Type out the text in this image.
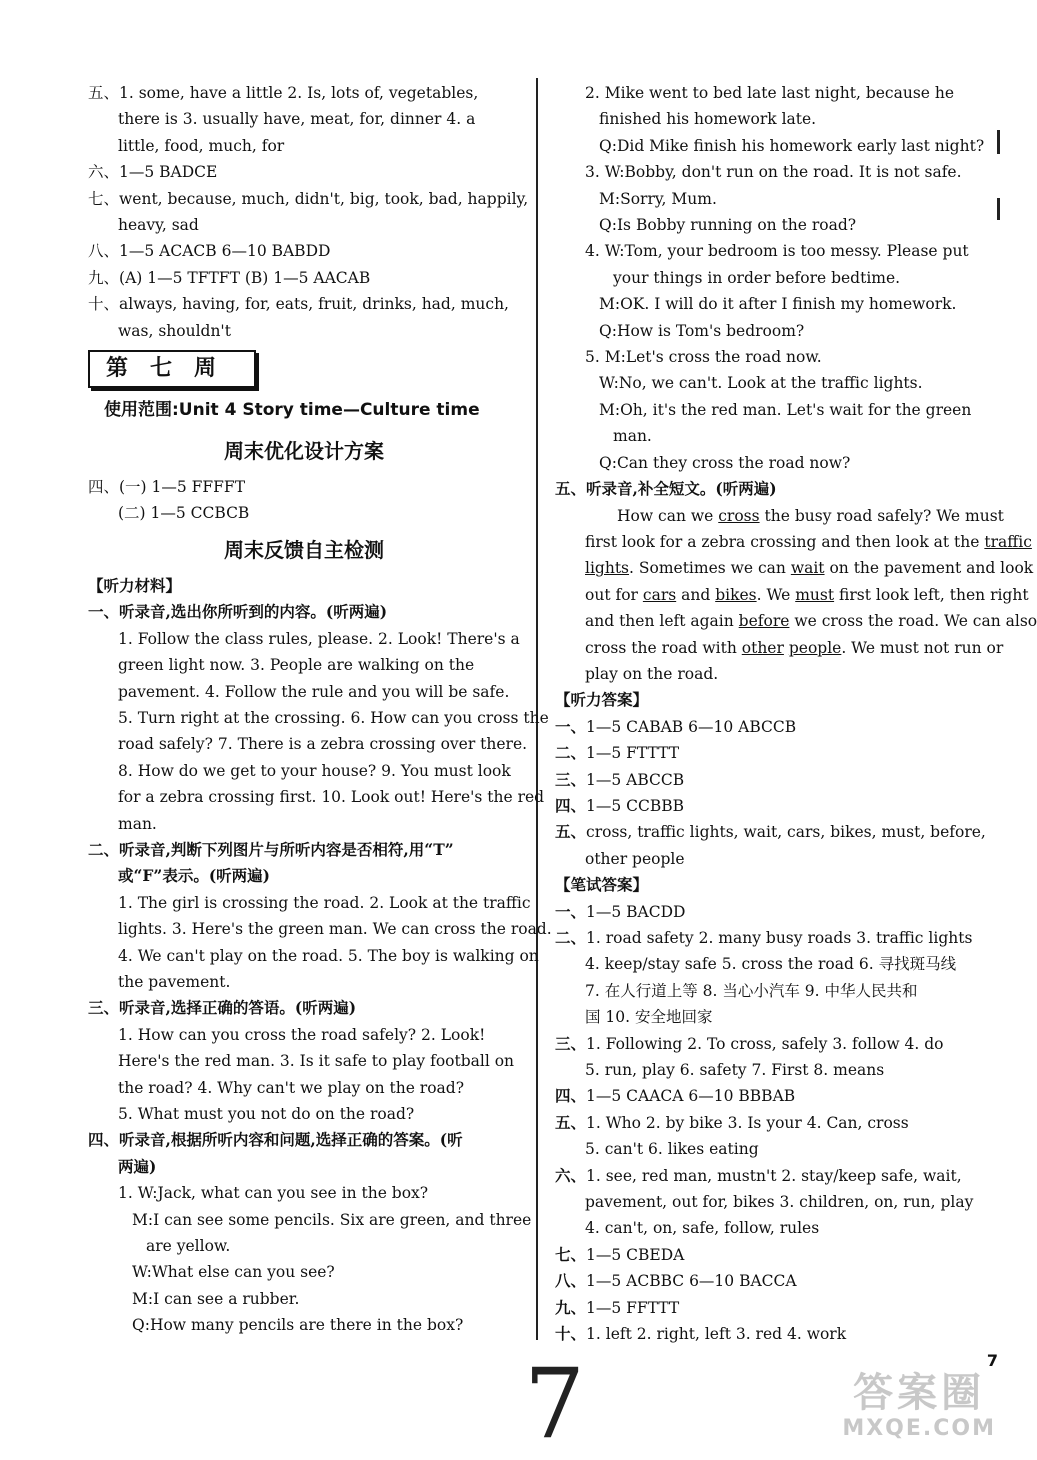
五、1. some, have a little 2. Is, lots of, vegetables,
there is 3. usually have, meat, for, dinner 4. a
little, food, much, for
六、1—5 BADCE
七、went, because, much, didn't, big, took, bad, happily,
heavy, sad
八、1—5 ACACB 6—10 BABDD
九、(A) 1—5 TFTFT (B) 1—5 AACAB
十、always, having, for, eats, fruit, drinks, had, much,
was, shouldn't
第七周
使用范围:Unit 4 Story time—Culture time
周末优化设计方案
四、(一) 1—5 FFFFT
(二) 1—5 CCBCB
周末反馈自主检测
【听力材料】
一、听录音,选出你所听到的内容。(听两遍)
1. Follow the class rules, please. 2. Look! There's a
green light now. 3. People are walking on the
pavement. 4. Follow the rule and you will be safe.
5. Turn right at the crossing. 6. How can you cross the
road safely? 7. There is a zebra crossing over there.
8. How do we get to your house? 9. You must look
for a zebra crossing first. 10. Look out! Here's the red
man.
二、听录音,判断下列图片与所听内容是否相符,用“T”
或“F”表示。(听两遍)
1. The girl is crossing the road. 2. Look at the traffic
lights. 3. Here's the green man. We can cross the road.
4. We can't play on the road. 5. The boy is walking on
the pavement.
三、听录音,选择正确的答语。(听两遍)
1. How can you cross the road safely? 2. Look!
Here's the red man. 3. Is it safe to play football on
the road? 4. Why can't we play on the road?
5. What must you not do on the road?
四、听录音,根据所听内容和问题,选择正确的答案。(听
两遍)
1. W:Jack, what can you see in the box?
M:I can see some pencils. Six are green, and three
are yellow.
W:What else can you see?
M:I can see a rubber.
Q:How many pencils are there in the box?
2. Mike went to bed late last night, because he
finished his homework late.
Q:Did Mike finish his homework early last night?
3. W:Bobby, don't run on the road. It is not safe.
M:Sorry, Mum.
Q:Is Bobby running on the road?
4. W:Tom, your bedroom is too messy. Please put
your things in order before bedtime.
M:OK. I will do it after I finish my homework.
Q:How is Tom's bedroom?
5. M:Let's cross the road now.
W:No, we can't. Look at the traffic lights.
M:Oh, it's the red man. Let's wait for the green
man.
Q:Can they cross the road now?
五、听录音,补全短文。(听两遍)
How can we cross the busy road safely? We must
first look for a zebra crossing and then look at the traffic
lights. Sometimes we can wait on the pavement and look
out for cars and bikes. We must first look left, then right
and then left again before we cross the road. We can also
cross the road with other people. We must not run or
play on the road.
【听力答案】
一、1—5 CABAB 6—10 ABCCB
二、1—5 FTTTT
三、1—5 ABCCB
四、1—5 CCBBB
五、cross, traffic lights, wait, cars, bikes, must, before,
other people
【笔试答案】
一、1—5 BACDD
二、1. road safety 2. many busy roads 3. traffic lights
4. keep/stay safe 5. cross the road 6. 寻找斑马线
7. 在人行道上等 8. 当心小汽车 9. 中华人民共和
国 10. 安全地回家
三、1. Following 2. To cross, safely 3. follow 4. do
5. run, play 6. safety 7. First 8. means
四、1—5 CAACA 6—10 BBBAB
五、1. Who 2. by bike 3. Is your 4. Can, cross
5. can't 6. likes eating
六、1. see, red man, mustn't 2. stay/keep safe, wait,
pavement, out for, bikes 3. children, on, run, play
4. can't, on, safe, follow, rules
七、1—5 CBEDA
八、1—5 ACBBC 6—10 BACCA
九、1—5 FFTTT
十、1. left 2. right, left 3. red 4. work
7
7	答案圈
MXQE.COM
